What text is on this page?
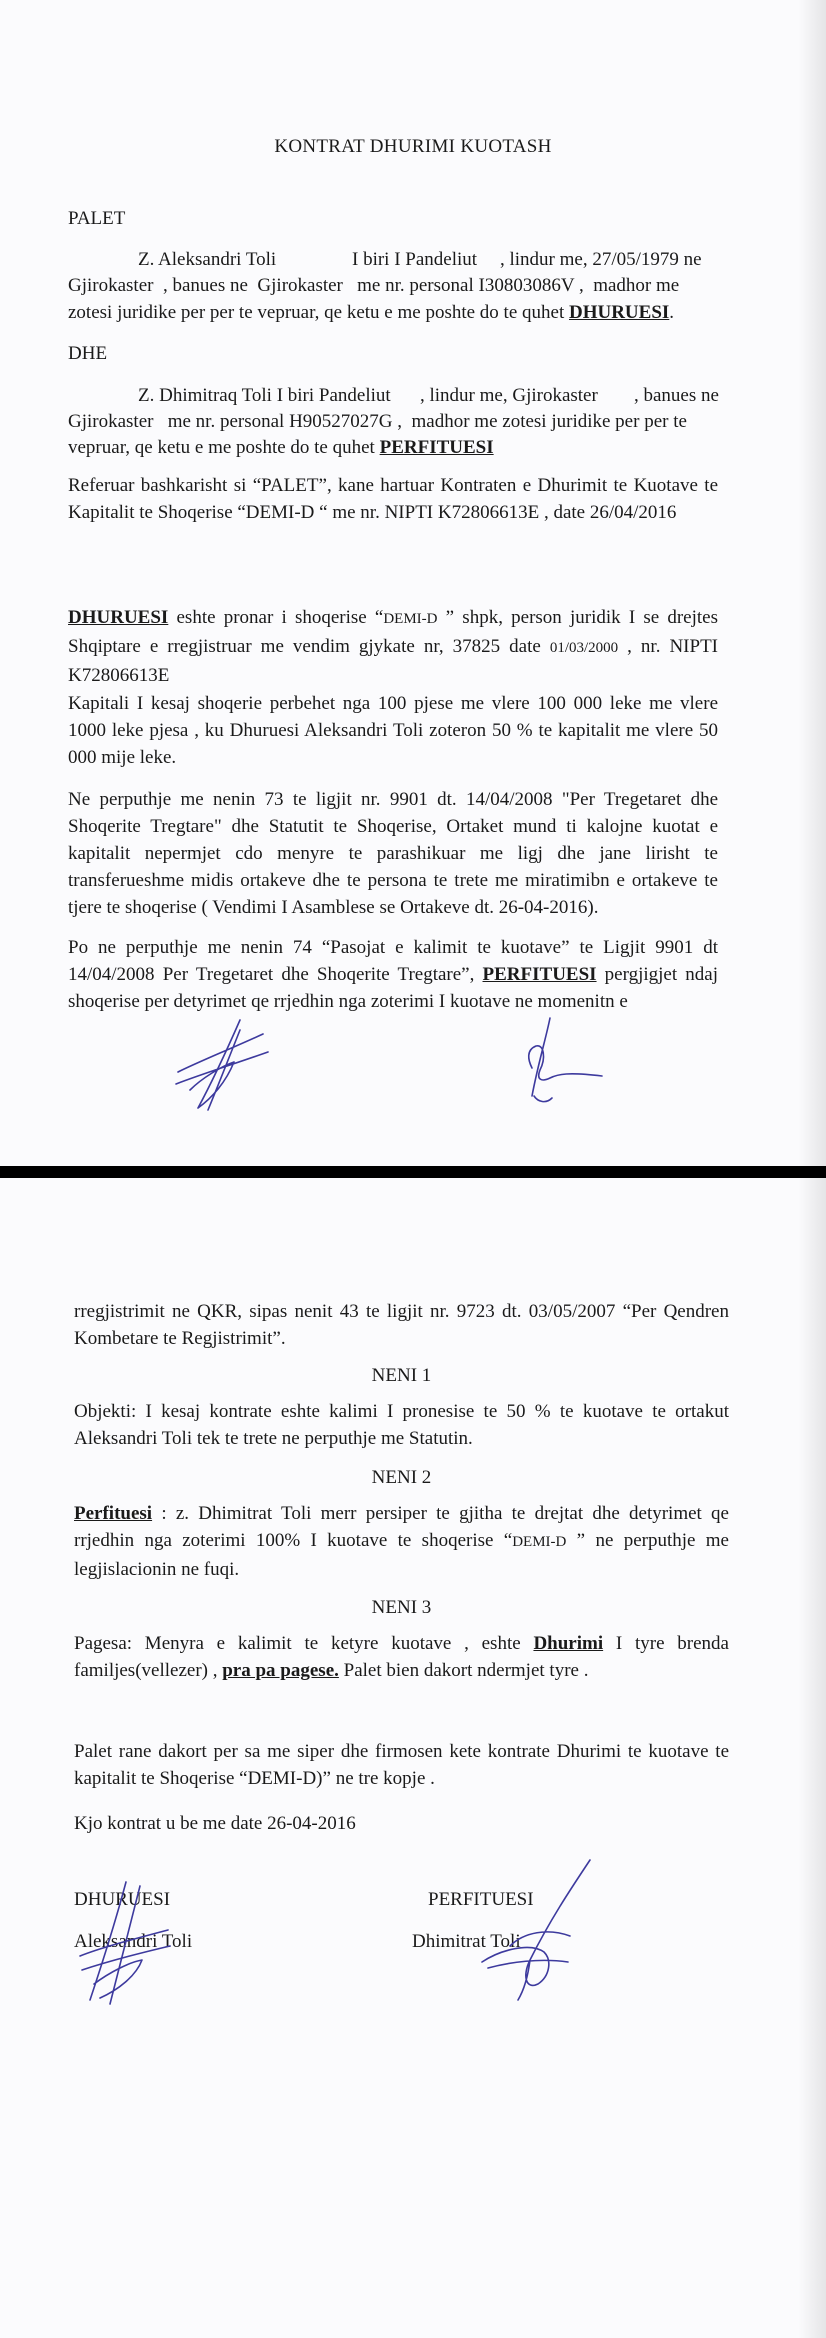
KONTRAT DHURIMI KUOTASH
PALET
Z. Aleksandri Toli	I biri I Pandeliut , lindur me, 27/05/1979 ne
Gjirokaster  , banues ne  Gjirokaster   me nr. personal I30803086V ,  madhor me
zotesi juridike per per te vepruar, qe ketu e me poshte do te quhet DHURUESI.
DHE
Z. Dhimitraq Toli I biri Pandeliut , lindur me, Gjirokaster , banues ne
Gjirokaster   me nr. personal H90527027G ,  madhor me zotesi juridike per per te
vepruar, qe ketu e me poshte do te quhet PERFITUESI
Referuar bashkarisht si “PALET”, kane hartuar Kontraten e Dhurimit te Kuotave te Kapitalit te Shoqerise “DEMI-D “ me nr. NIPTI K72806613E , date 26/04/2016
DHURUESI eshte pronar i shoqerise “DEMI-D ” shpk, person juridik I se drejtes Shqiptare e rregjistruar me vendim gjykate nr, 37825 date 01/03/2000 , nr. NIPTI K72806613E
Kapitali I kesaj shoqerie perbehet nga 100 pjese me vlere 100 000 leke me vlere 1000 leke pjesa , ku Dhuruesi Aleksandri Toli zoteron 50 % te kapitalit me vlere 50 000 mije leke.
Ne perputhje me nenin 73 te ligjit nr. 9901 dt. 14/04/2008 "Per Tregetaret dhe Shoqerite Tregtare" dhe Statutit te Shoqerise, Ortaket mund ti kalojne kuotat e kapitalit nepermjet cdo menyre te parashikuar me ligj dhe jane lirisht te transferueshme midis ortakeve dhe te persona te trete me miratimibn e ortakeve te tjere te shoqerise ( Vendimi I Asamblese se Ortakeve dt. 26-04-2016).
Po ne perputhje me nenin 74 “Pasojat e kalimit te kuotave” te Ligjit 9901 dt 14/04/2008 Per Tregetaret dhe Shoqerite Tregtare”, PERFITUESI pergjigjet ndaj shoqerise per detyrimet qe rrjedhin nga zoterimi I kuotave ne momenitn e
rregjistrimit ne QKR, sipas nenit 43 te ligjit nr. 9723 dt. 03/05/2007 “Per Qendren Kombetare te Regjistrimit”.
NENI 1
Objekti: I kesaj kontrate eshte kalimi I pronesise te 50 % te kuotave te ortakut Aleksandri Toli tek te trete ne perputhje me Statutin.
NENI 2
Perfituesi : z. Dhimitrat Toli merr persiper te gjitha te drejtat dhe detyrimet qe rrjedhin nga zoterimi 100% I kuotave te shoqerise “DEMI-D ” ne perputhje me legjislacionin ne fuqi.
NENI 3
Pagesa: Menyra e kalimit te ketyre kuotave , eshte Dhurimi I tyre brenda familjes(vellezer) , pra pa pagese. Palet bien dakort ndermjet tyre .
Palet rane dakort per sa me siper dhe firmosen kete kontrate Dhurimi te kuotave te kapitalit te Shoqerise “DEMI-D)” ne tre kopje .
Kjo kontrat u be me date 26-04-2016
DHURUESI
Aleksandri Toli
PERFITUESI
Dhimitrat Toli
